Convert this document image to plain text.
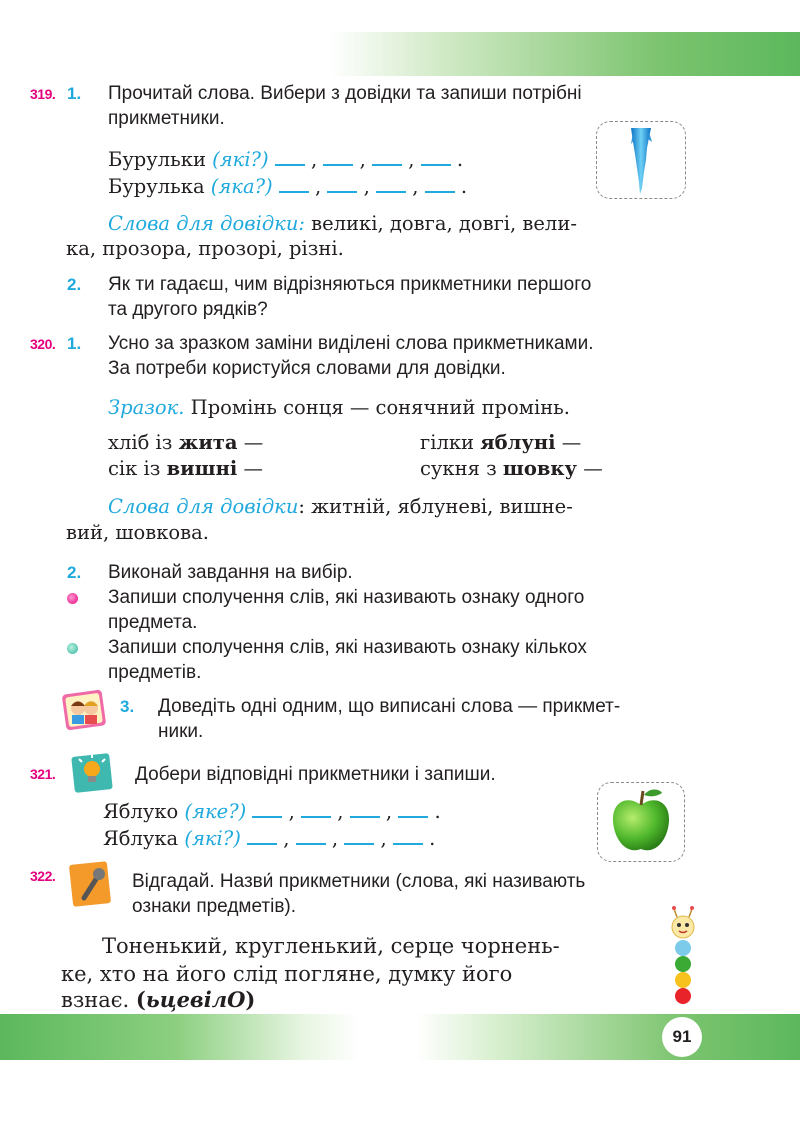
319. 1. Прочитай слова. Вибери з довідки та запиши потрібні
прикметники.
Бурульки (які?)  ,  ,  ,  .
Бурулька (яка?)  ,  ,  ,  .
Слова для довідки: великі, довга, довгі, вели-
ка, прозора, прозорі, різні.
2. Як ти гадаєш, чим відрізняються прикметники першого
та другого рядків?
320. 1. Усно за зразком заміни виділені слова прикметниками.
За потреби користуйся словами для довідки.
Зразок. Промінь сонця — сонячний промінь.
хліб із жита —	гілки яблуні —
сік із вишні —	сукня з шовку —
Слова для довідки: житній, яблуневі, вишне-
вий, шовкова.
2. Виконай завдання на вибір.
Запиши сполучення слів, які називають ознаку одного
предмета.
Запиши сполучення слів, які називають ознаку кількох
предметів.
3. Доведіть одні одним, що виписані слова — прикмет-
ники.
321.	Добери відповідні прикметники і запиши.
Яблуко (яке?)  ,  ,  ,  .
Яблука (які?)  ,  ,  ,  .
322.	Відгадай. Назви́ прикметники (слова, які називають
ознаки предметів).
Тоненький, кругленький, серце чорнень-
ке, хто на його слід погляне, думку його
взнає. (ьцевілО)
91
